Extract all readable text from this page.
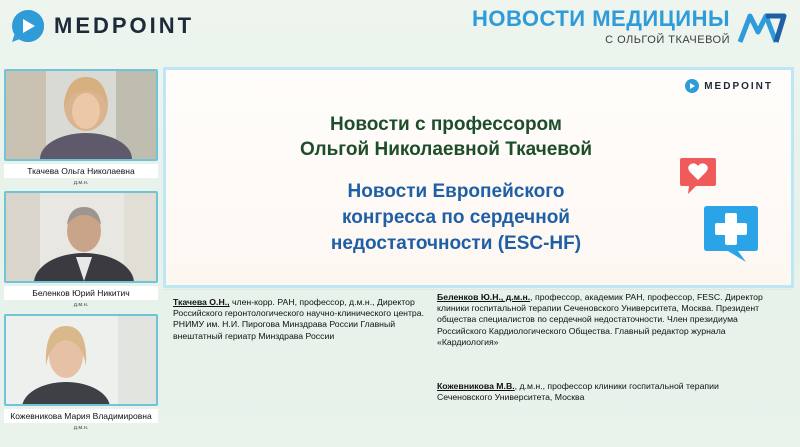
MEDPOINT	НОВОСТИ МЕДИЦИНЫ
С ОЛЬГОЙ ТКАЧЕВОЙ
Ткачева Ольга Николаевна
д.м.н.
Беленков Юрий Никитич
д.м.н.
Кожевникова Мария Владимировна
д.м.н.
MEDPOINT
Новости с профессором
Ольгой Николаевной Ткачевой
Новости Европейского
конгресса по сердечной
недостаточности (ESC-HF)
Ткачева О.Н., член-корр. РАН, профессор, д.м.н., Директор Российского геронтологического научно-клинического центра. РНИМУ им. Н.И. Пирогова Минздрава России Главный внештатный гериатр Минздрава России
Беленков Ю.Н., д.м.н., профессор, академик РАН, профессор, FESC. Директор клиники госпитальной терапии Сеченовского Университета, Москва. Президент общества специалистов по сердечной недостаточности. Член президиума Российского Кардиологического Общества. Главный редактор журнала «Кардиология»
Кожевникова М.В., д.м.н., профессор клиники госпитальной терапии Сеченовского Университета, Москва
